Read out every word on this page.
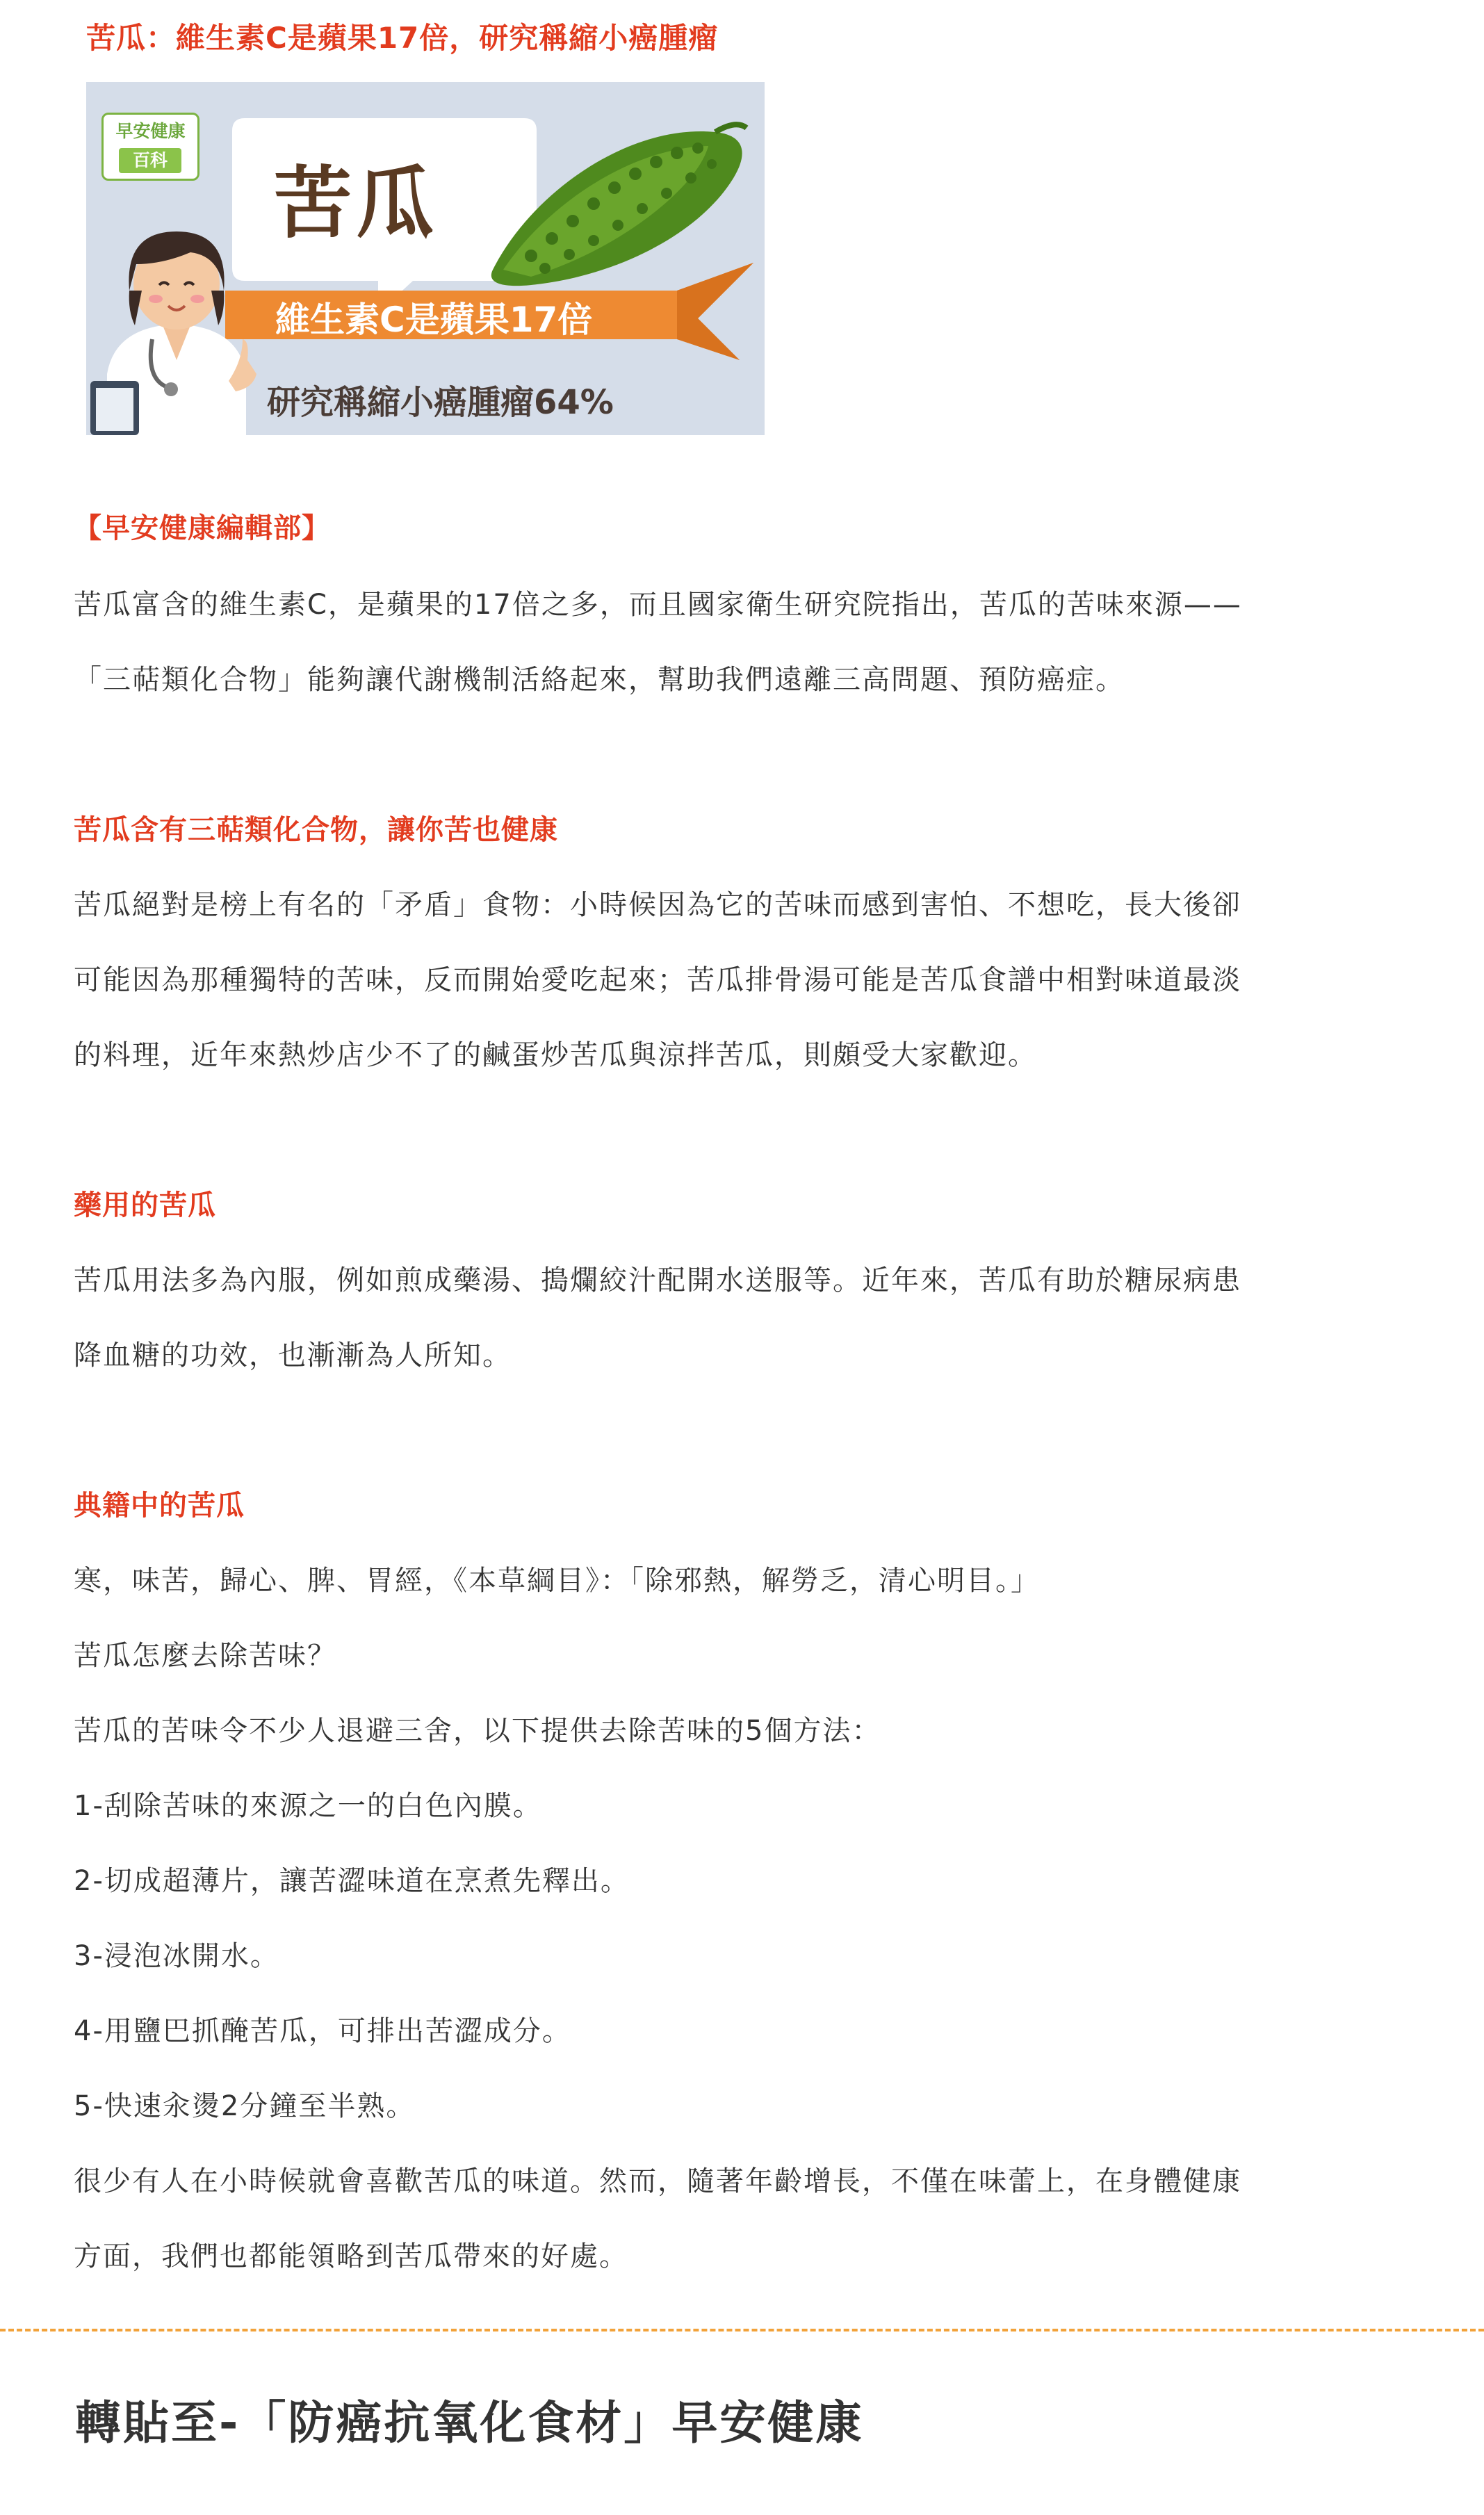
苦瓜：維生素C是蘋果17倍，研究稱縮小癌腫瘤
早安健康
百科 苦瓜
維生素C是蘋果17倍
研究稱縮小癌腫瘤64%
【早安健康編輯部】
苦瓜富含的維生素C，是蘋果的17倍之多，而且國家衛生研究院指出，苦瓜的苦味來源——
「三萜類化合物」能夠讓代謝機制活絡起來，幫助我們遠離三高問題、預防癌症。
苦瓜含有三萜類化合物，讓你苦也健康
苦瓜絕對是榜上有名的「矛盾」食物：小時候因為它的苦味而感到害怕、不想吃，長大後卻
可能因為那種獨特的苦味，反而開始愛吃起來；苦瓜排骨湯可能是苦瓜食譜中相對味道最淡
的料理，近年來熱炒店少不了的鹹蛋炒苦瓜與涼拌苦瓜，則頗受大家歡迎。
藥用的苦瓜
苦瓜用法多為內服，例如煎成藥湯、搗爛絞汁配開水送服等。近年來，苦瓜有助於糖尿病患
降血糖的功效，也漸漸為人所知。
典籍中的苦瓜
寒，味苦，歸心、脾、胃經，《本草綱目》：「除邪熱，解勞乏，清心明目。」
苦瓜怎麼去除苦味？
苦瓜的苦味令不少人退避三舍，以下提供去除苦味的5個方法：
1-刮除苦味的來源之一的白色內膜。
2-切成超薄片，讓苦澀味道在烹煮先釋出。
3-浸泡冰開水。
4-用鹽巴抓醃苦瓜，可排出苦澀成分。
5-快速汆燙2分鐘至半熟。
很少有人在小時候就會喜歡苦瓜的味道。然而，隨著年齡增長，不僅在味蕾上，在身體健康
方面，我們也都能領略到苦瓜帶來的好處。
轉貼至-「防癌抗氧化食材」早安健康
